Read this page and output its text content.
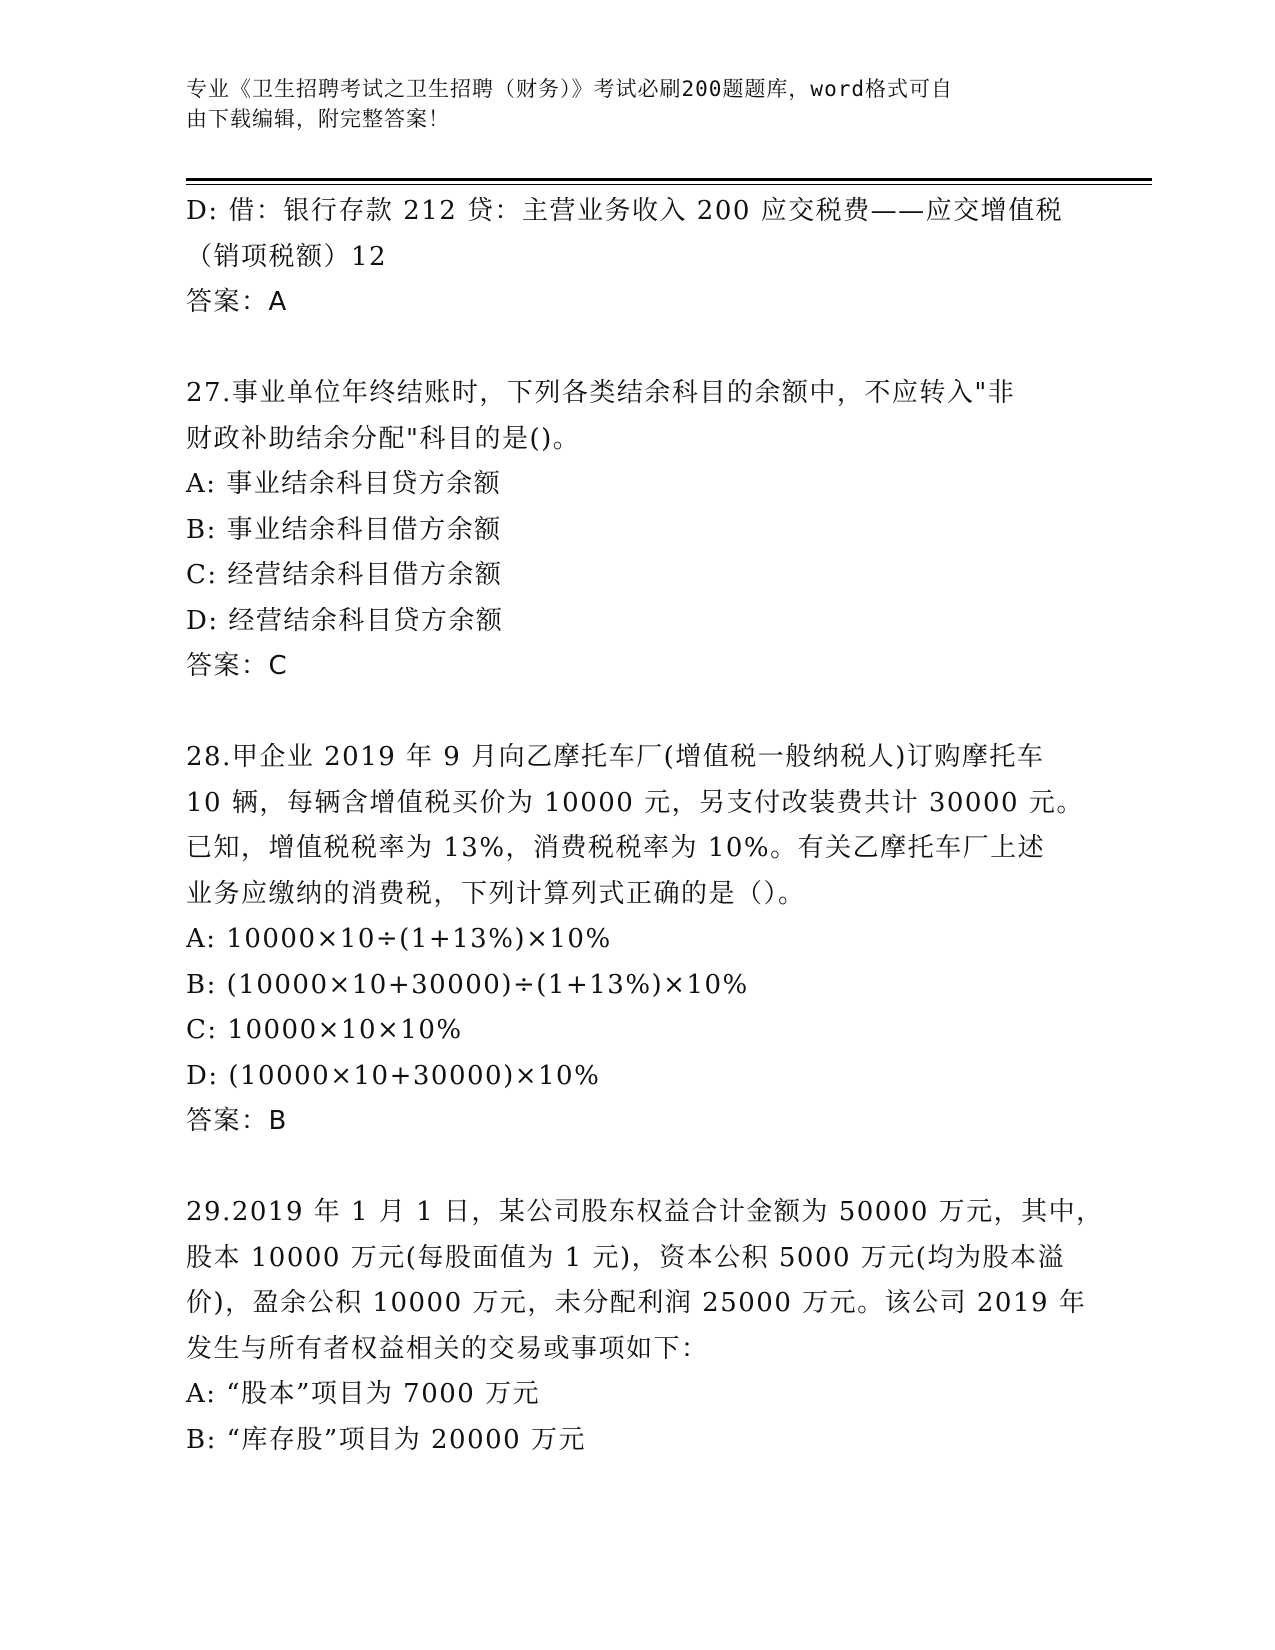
专业《卫生招聘考试之卫生招聘（财务）》考试必刷200题题库，word格式可自
由下载编辑，附完整答案！
D: 借：银行存款 212 贷：主营业务收入 200 应交税费——应交增值税
（销项税额）12
答案：A
27.事业单位年终结账时，下列各类结余科目的余额中，不应转入"非
财政补助结余分配"科目的是()。
A: 事业结余科目贷方余额
B: 事业结余科目借方余额
C: 经营结余科目借方余额
D: 经营结余科目贷方余额
答案：C
28.甲企业 2019 年 9 月向乙摩托车厂(增值税一般纳税人)订购摩托车
10 辆，每辆含增值税买价为 10000 元，另支付改装费共计 30000 元。
已知，增值税税率为 13%，消费税税率为 10%。有关乙摩托车厂上述
业务应缴纳的消费税，下列计算列式正确的是（）。
A: 10000×10÷(1+13%)×10%
B: (10000×10+30000)÷(1+13%)×10%
C: 10000×10×10%
D: (10000×10+30000)×10%
答案：B
29.2019 年 1 月 1 日，某公司股东权益合计金额为 50000 万元，其中，
股本 10000 万元(每股面值为 1 元)，资本公积 5000 万元(均为股本溢
价)，盈余公积 10000 万元，未分配利润 25000 万元。该公司 2019 年
发生与所有者权益相关的交易或事项如下：
A: “股本”项目为 7000 万元
B: “库存股”项目为 20000 万元
